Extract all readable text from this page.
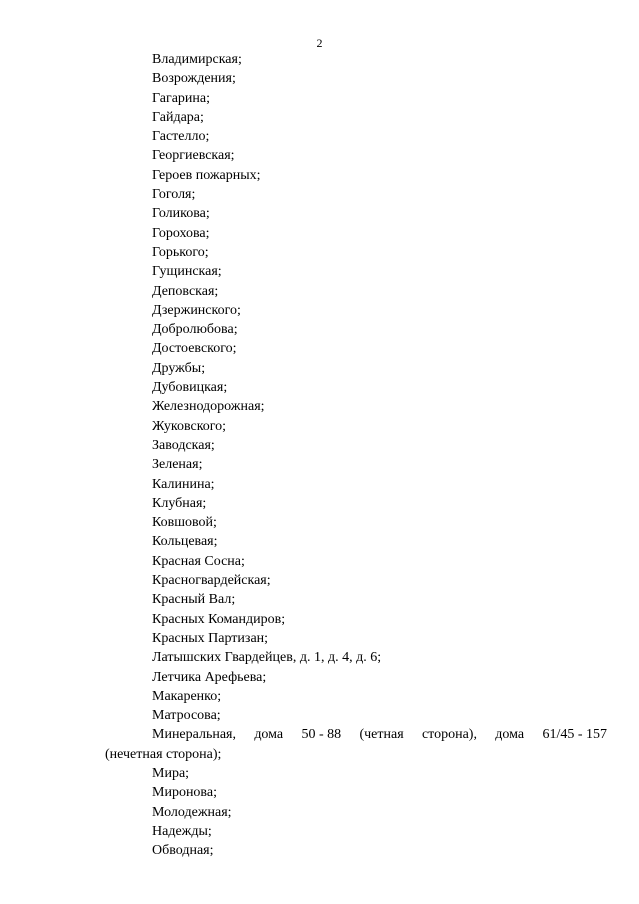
2
Владимирская;
Возрождения;
Гагарина;
Гайдара;
Гастелло;
Георгиевская;
Героев пожарных;
Гоголя;
Голикова;
Горохова;
Горького;
Гущинская;
Деповская;
Дзержинского;
Добролюбова;
Достоевского;
Дружбы;
Дубовицкая;
Железнодорожная;
Жуковского;
Заводская;
Зеленая;
Калинина;
Клубная;
Ковшовой;
Кольцевая;
Красная Сосна;
Красногвардейская;
Красный Вал;
Красных Командиров;
Красных Партизан;
Латышских Гвардейцев, д. 1, д. 4, д. 6;
Летчика Арефьева;
Макаренко;
Матросова;
Минеральная, дома 50 - 88 (четная сторона), дома 61/45 - 157
(нечетная сторона);
Мира;
Миронова;
Молодежная;
Надежды;
Обводная;
